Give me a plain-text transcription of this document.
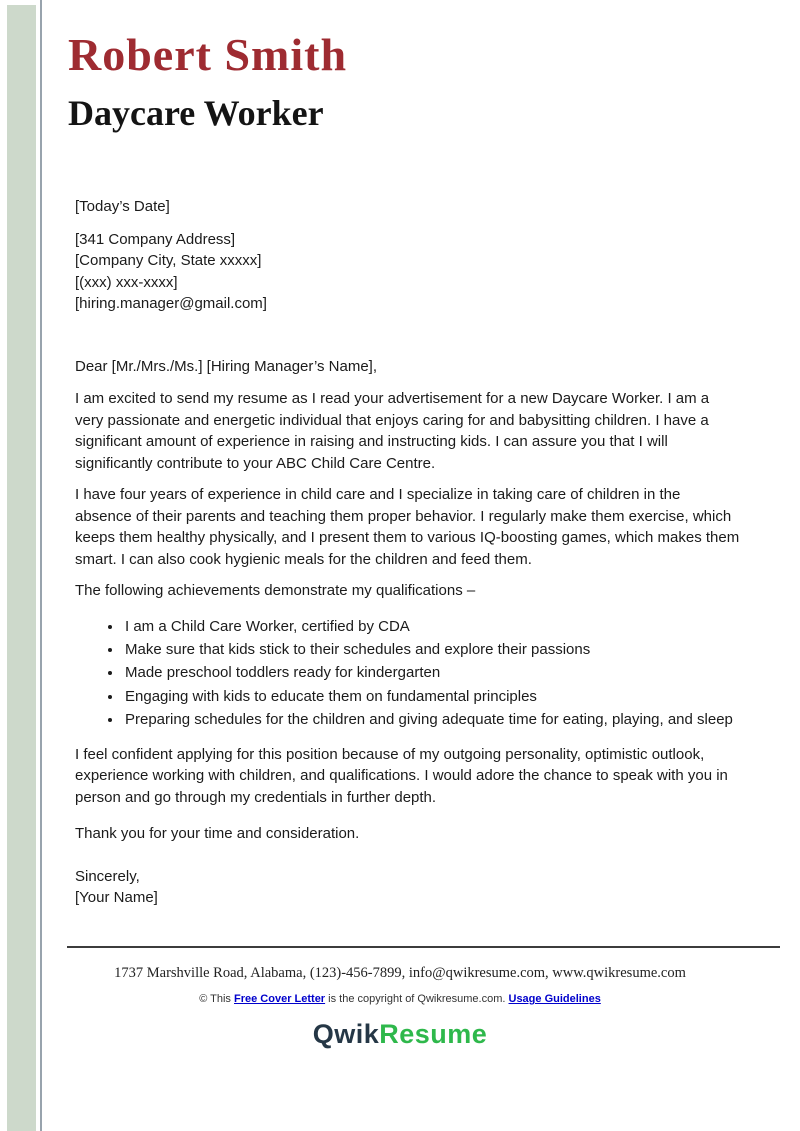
Robert Smith
Daycare Worker
[Today’s Date]
[341 Company Address]
[Company City, State xxxxx]
[(xxx) xxx-xxxx]
[hiring.manager@gmail.com]
Dear [Mr./Mrs./Ms.] [Hiring Manager’s Name],

I am excited to send my resume as I read your advertisement for a new Daycare Worker. I am a very passionate and energetic individual that enjoys caring for and babysitting children. I have a significant amount of experience in raising and instructing kids. I can assure you that I will significantly contribute to your ABC Child Care Centre.

I have four years of experience in child care and I specialize in taking care of children in the absence of their parents and teaching them proper behavior. I regularly make them exercise, which keeps them healthy physically, and I present them to various IQ-boosting games, which makes them smart. I can also cook hygienic meals for the children and feed them.

The following achievements demonstrate my qualifications –

• I am a Child Care Worker, certified by CDA
• Make sure that kids stick to their schedules and explore their passions
• Made preschool toddlers ready for kindergarten
• Engaging with kids to educate them on fundamental principles
• Preparing schedules for the children and giving adequate time for eating, playing, and sleep

I feel confident applying for this position because of my outgoing personality, optimistic outlook, experience working with children, and qualifications. I would adore the chance to speak with you in person and go through my credentials in further depth.

Thank you for your time and consideration.

Sincerely,
[Your Name]
1737 Marshville Road, Alabama, (123)-456-7899, info@qwikresume.com, www.qwikresume.com
© This Free Cover Letter is the copyright of Qwikresume.com. Usage Guidelines
QwikResume
